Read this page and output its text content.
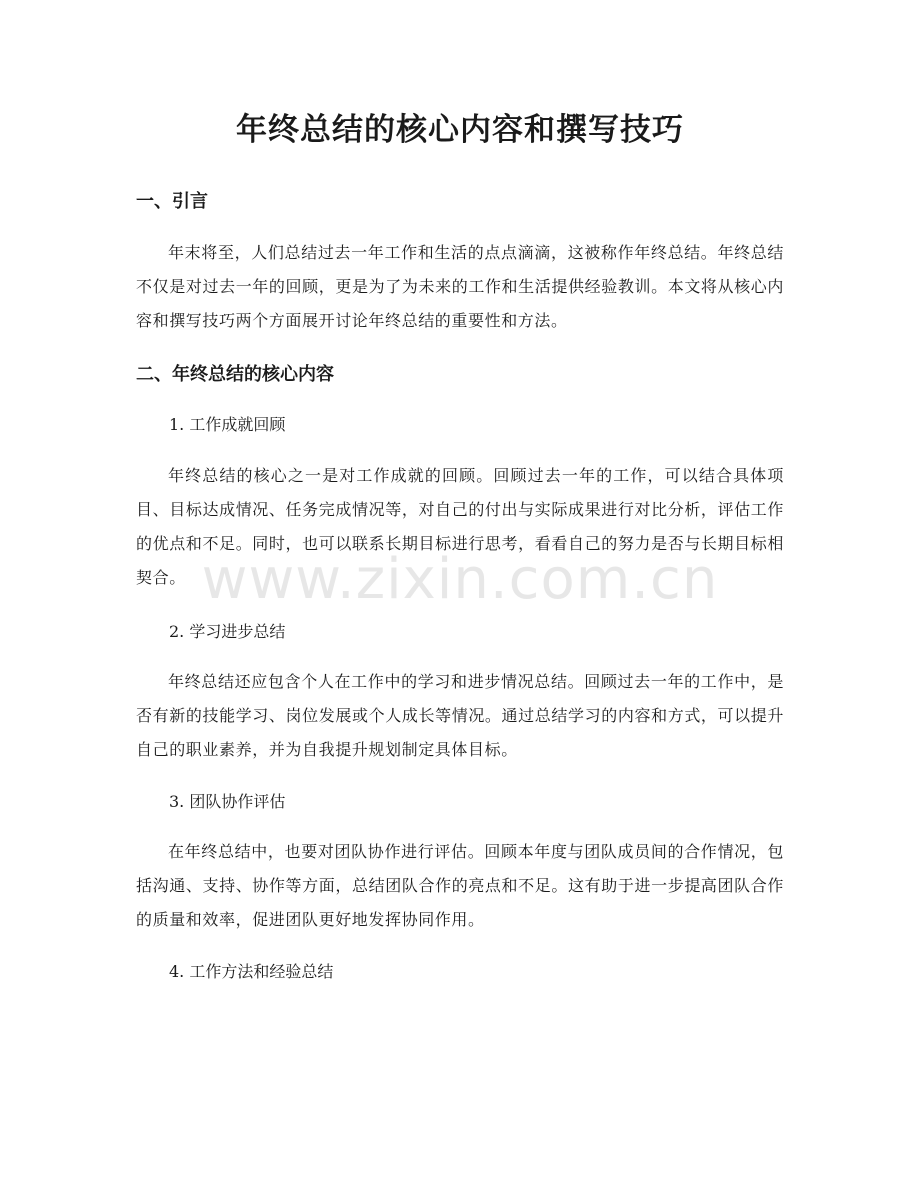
年终总结的核心内容和撰写技巧
一、引言

年末将至，人们总结过去一年工作和生活的点点滴滴，这被称作年终总结。年终总结不仅是对过去一年的回顾，更是为了为未来的工作和生活提供经验教训。本文将从核心内容和撰写技巧两个方面展开讨论年终总结的重要性和方法。

二、年终总结的核心内容
1. 工作成就回顾

年终总结的核心之一是对工作成就的回顾。回顾过去一年的工作，可以结合具体项目、目标达成情况、任务完成情况等，对自己的付出与实际成果进行对比分析，评估工作的优点和不足。同时，也可以联系长期目标进行思考，看看自己的努力是否与长期目标相契合。

2. 学习进步总结

年终总结还应包含个人在工作中的学习和进步情况总结。回顾过去一年的工作中，是否有新的技能学习、岗位发展或个人成长等情况。通过总结学习的内容和方式，可以提升自己的职业素养，并为自我提升规划制定具体目标。

3. 团队协作评估

在年终总结中，也要对团队协作进行评估。回顾本年度与团队成员间的合作情况，包括沟通、支持、协作等方面，总结团队合作的亮点和不足。这有助于进一步提高团队合作的质量和效率，促进团队更好地发挥协同作用。

4. 工作方法和经验总结
www.zixin.com.cn
